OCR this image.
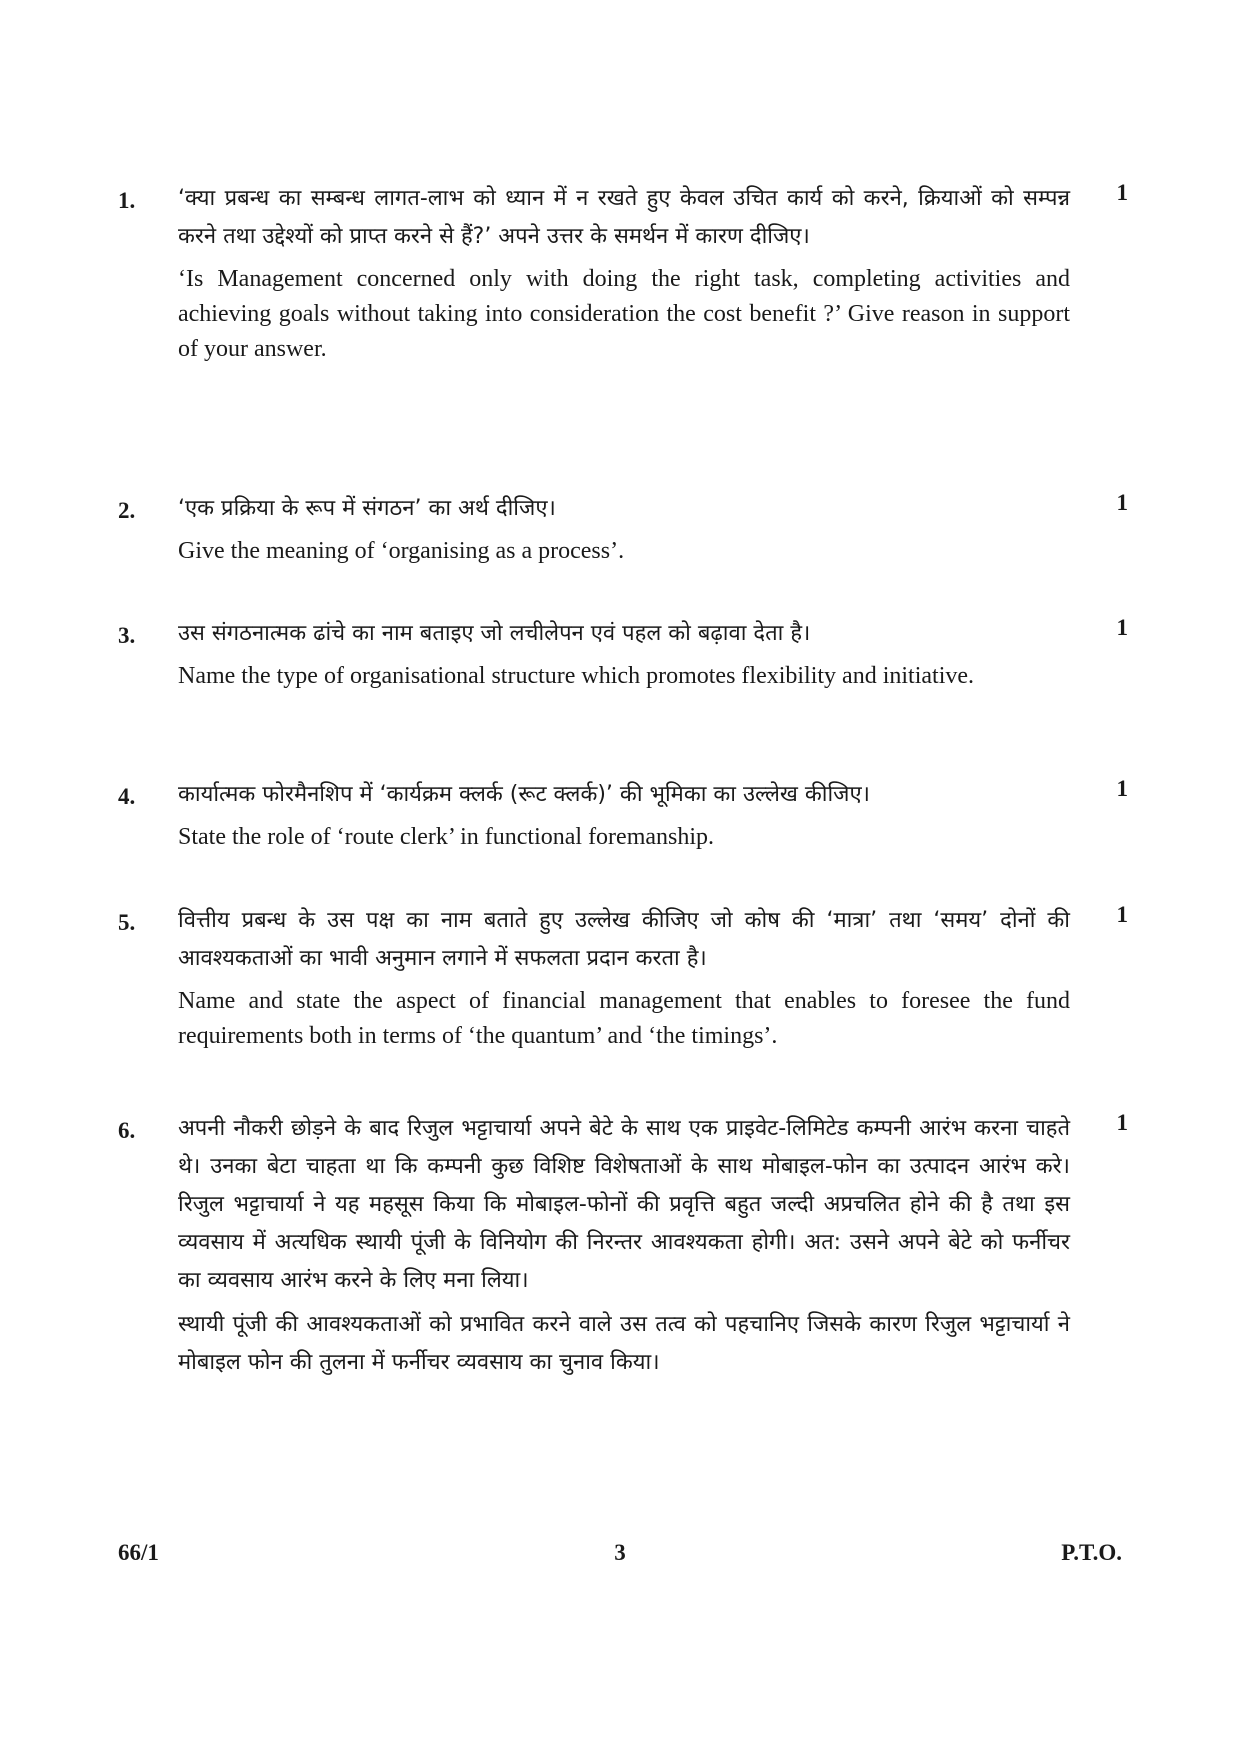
1.	1

‘क्या प्रबन्ध का सम्बन्ध लागत-लाभ को ध्यान में न रखते हुए केवल उचित कार्य को करने, क्रियाओं को सम्पन्न करने तथा उद्देश्यों को प्राप्त करने से हैं?’ अपने उत्तर के समर्थन में कारण दीजिए।

‘Is Management concerned only with doing the right task, completing activities and achieving goals without taking into consideration the cost benefit ?’ Give reason in support of your answer.

2.	1

‘एक प्रक्रिया के रूप में संगठन’ का अर्थ दीजिए।

Give the meaning of ‘organising as a process’.

3.	1

उस संगठनात्मक ढांचे का नाम बताइए जो लचीलेपन एवं पहल को बढ़ावा देता है।

Name the type of organisational structure which promotes flexibility and initiative.

4.	1

कार्यात्मक फोरमैनशिप में ‘कार्यक्रम क्लर्क (रूट क्लर्क)’ की भूमिका का उल्लेख कीजिए।

State the role of ‘route clerk’ in functional foremanship.

5.	1

वित्तीय प्रबन्ध के उस पक्ष का नाम बताते हुए उल्लेख कीजिए जो कोष की ‘मात्रा’ तथा ‘समय’ दोनों की आवश्यकताओं का भावी अनुमान लगाने में सफलता प्रदान करता है।

Name and state the aspect of financial management that enables to foresee the fund requirements both in terms of ‘the quantum’ and ‘the timings’.

6.	1

अपनी नौकरी छोड़ने के बाद रिजुल भट्टाचार्या अपने बेटे के साथ एक प्राइवेट-लिमिटेड कम्पनी आरंभ करना चाहते थे। उनका बेटा चाहता था कि कम्पनी कुछ विशिष्ट विशेषताओं के साथ मोबाइल-फोन का उत्पादन आरंभ करे। रिजुल भट्टाचार्या ने यह महसूस किया कि मोबाइल-फोनों की प्रवृत्ति बहुत जल्दी अप्रचलित होने की है तथा इस व्यवसाय में अत्यधिक स्थायी पूंजी के विनियोग की निरन्तर आवश्यकता होगी। अत: उसने अपने बेटे को फर्नीचर का व्यवसाय आरंभ करने के लिए मना लिया।

स्थायी पूंजी की आवश्यकताओं को प्रभावित करने वाले उस तत्व को पहचानिए जिसके कारण रिजुल भट्टाचार्या ने मोबाइल फोन की तुलना में फर्नीचर व्यवसाय का चुनाव किया।

66/1	3	P.T.O.
